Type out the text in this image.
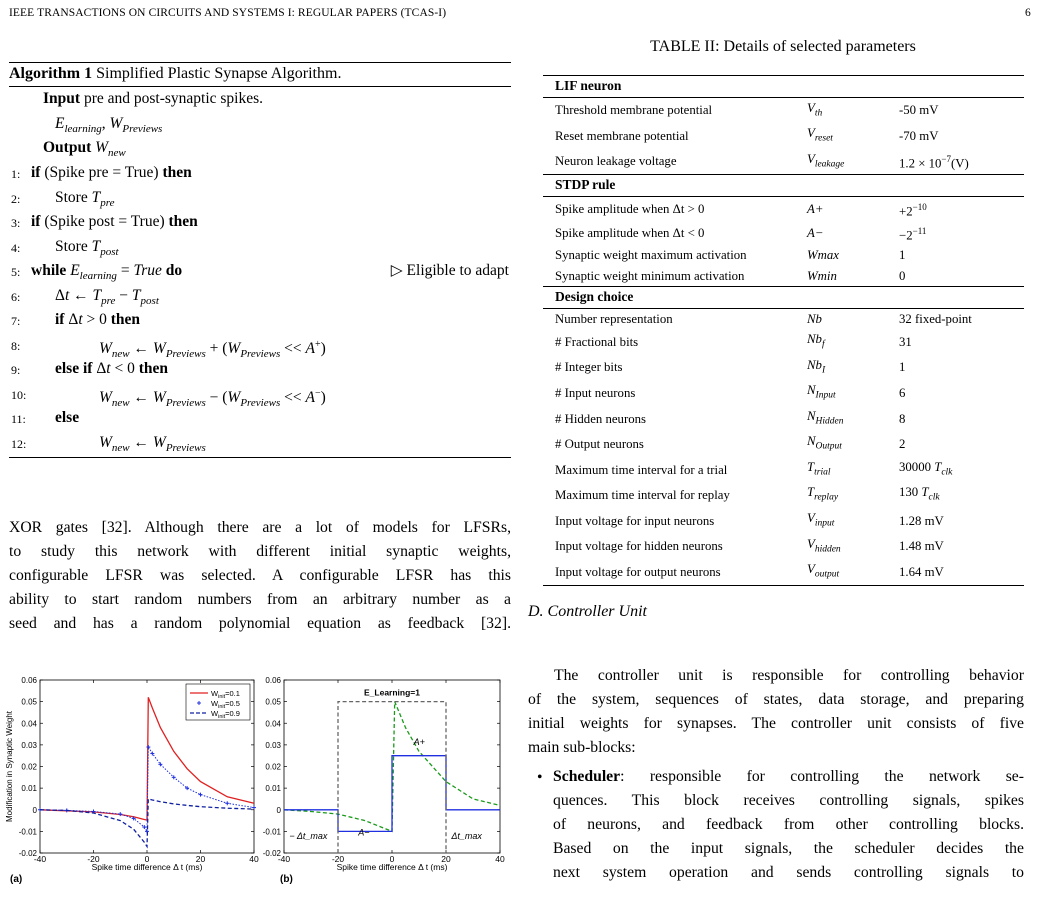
IEEE TRANSACTIONS ON CIRCUITS AND SYSTEMS I: REGULAR PAPERS (TCAS-I)	6
Algorithm 1 Simplified Plastic Synapse Algorithm.
Input pre and post-synaptic spikes.
$E_{learning}$, $W_{Previews}$
Output $W_{new}$
1: if (Spike pre = True) then
2: Store $T_{pre}$
3: if (Spike post = True) then
4: Store $T_{post}$
5: while $E_{learning}$ = True do	▷ Eligible to adapt
6: Δt ← $T_{pre} - T_{post}$
7: if Δt > 0 then
8:	$W_{new}$ ← $W_{Previews} + (W_{Previews} << A^+)$
9: else if Δt < 0 then
10:	$W_{new}$ ← $W_{Previews} - (W_{Previews} << A^-)$
11: else
12:	$W_{new}$ ← $W_{Previews}$
XOR gates [32]. Although there are a lot of models for LFSRs,
to study this network with different initial synaptic weights,
configurable LFSR was selected. A configurable LFSR has this
ability to start random numbers from an arbitrary number as a
seed and has a random polynomial equation as feedback [32].
TABLE II: Details of selected parameters
LIF neuron		
Threshold membrane potential	$V_{th}$	-50 mV
Reset membrane potential	$V_{reset}$	-70 mV
Neuron leakage voltage	$V_{leakage}$	$1.2 \times 10^{-7}(V)$
STDP rule		
Spike amplitude when Δt > 0	A+	$+2^{-10}$
Spike amplitude when Δt < 0	A−	$-2^{-11}$
Synaptic weight maximum activation	Wmax	1
Synaptic weight minimum activation	Wmin	0
Design choice		
Number representation	Nb	32 fixed-point
# Fractional bits	$Nb_f$	31
# Integer bits	$Nb_I$	1
# Input neurons	$N_{Input}$	6
# Hidden neurons	$N_{Hidden}$	8
# Output neurons	$N_{Output}$	2
Maximum time interval for a trial	$T_{trial}$	30000 $T_{clk}$
Maximum time interval for replay	$T_{replay}$	130 $T_{clk}$
Input voltage for input neurons	$V_{input}$	1.28 mV
Input voltage for hidden neurons	$V_{hidden}$	1.48 mV
Input voltage for output neurons	$V_{output}$	1.64 mV
D. Controller Unit
The controller unit is responsible for controlling behavior
of the system, sequences of states, data storage, and preparing
initial weights for synapses. The controller unit consists of five
main sub-blocks:
• Scheduler: responsible for controlling the network se-
quences. This block receives controlling signals, spikes
of neurons, and feedback from other controlling blocks.
Based on the input signals, the scheduler decides the
next system operation and sends controlling signals to
-40	-20	0	20	40
-0.02
-0.01
0
0.01
0.02
0.03
0.04
0.05
0.06
Spike time difference Δ t (ms)
Modification in Synaptic Weight
(a)
$W_{init}=0.1$
$W_{init}=0.5$
$W_{init}=0.9$
-40	-20	0	20	40
-0.02
-0.01
0
0.01
0.02
0.03
0.04
0.05
0.06
Spike time difference Δ t (ms)
(b)
E_Learning=1
A+
A−
− Δt_max	Δt_max
